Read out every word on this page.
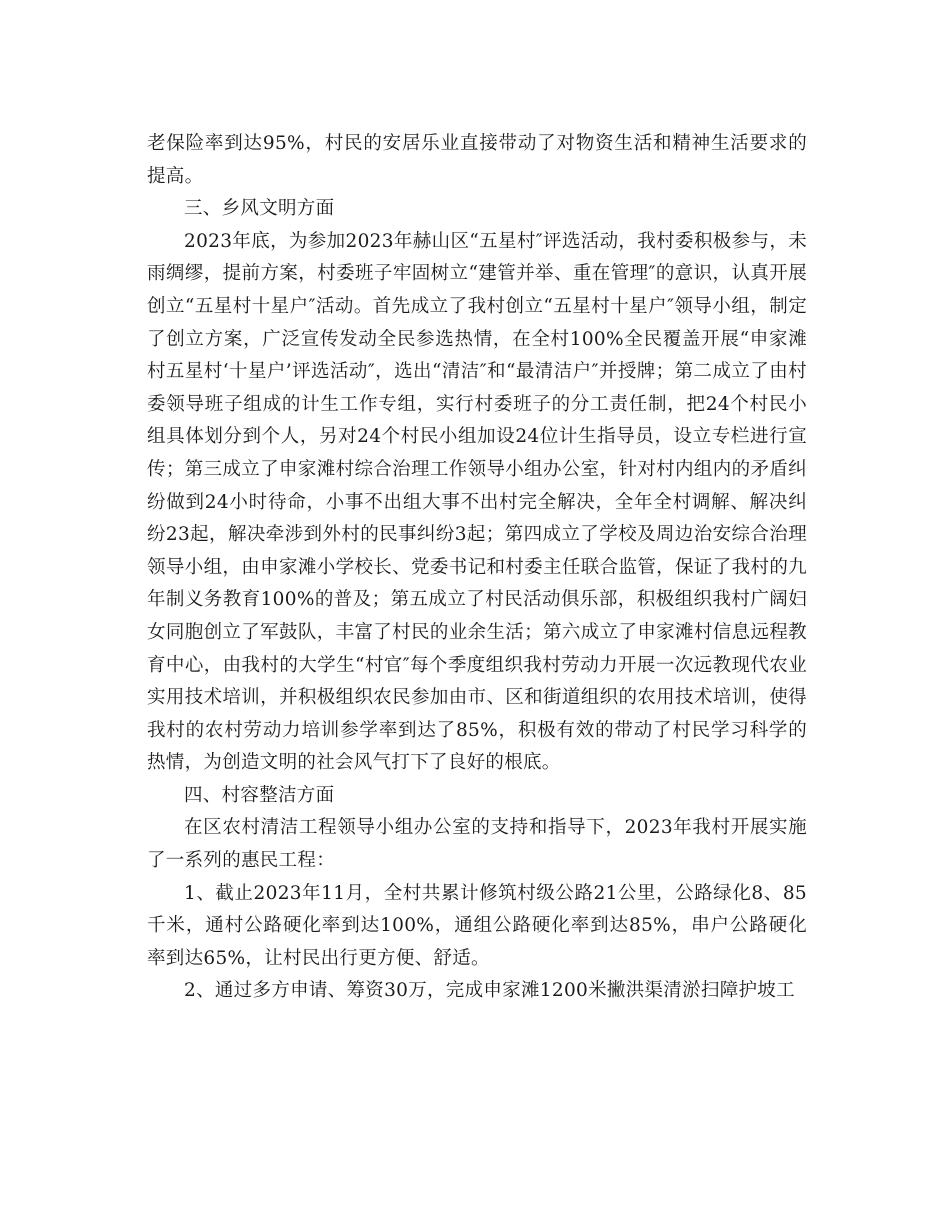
老保险率到达95%，村民的安居乐业直接带动了对物资生活和精神生活要求的提高。

三、乡风文明方面

2023年底，为参加2023年赫山区“五星村″评选活动，我村委积极参与，未雨绸缪，提前方案，村委班子牢固树立“建管并举、重在管理″的意识，认真开展创立“五星村十星户″活动。首先成立了我村创立“五星村十星户″领导小组，制定了创立方案，广泛宣传发动全民参选热情，在全村100%全民覆盖开展“申家滩村五星村‘十星户’评选活动″，选出“清洁″和“最清洁户″并授牌；第二成立了由村委领导班子组成的计生工作专组，实行村委班子的分工责任制，把24个村民小组具体划分到个人，另对24个村民小组加设24位计生指导员，设立专栏进行宣传；第三成立了申家滩村综合治理工作领导小组办公室，针对村内组内的矛盾纠纷做到24小时待命，小事不出组大事不出村完全解决，全年全村调解、解决纠纷23起，解决牵涉到外村的民事纠纷3起；第四成立了学校及周边治安综合治理领导小组，由申家滩小学校长、党委书记和村委主任联合监管，保证了我村的九年制义务教育100%的普及；第五成立了村民活动俱乐部，积极组织我村广阔妇女同胞创立了军鼓队，丰富了村民的业余生活；第六成立了申家滩村信息远程教育中心，由我村的大学生“村官″每个季度组织我村劳动力开展一次远教现代农业实用技术培训，并积极组织农民参加由市、区和街道组织的农用技术培训，使得我村的农村劳动力培训参学率到达了85%，积极有效的带动了村民学习科学的热情，为创造文明的社会风气打下了良好的根底。

四、村容整洁方面

在区农村清洁工程领导小组办公室的支持和指导下，2023年我村开展实施了一系列的惠民工程：

1、截止2023年11月，全村共累计修筑村级公路21公里，公路绿化8、85千米，通村公路硬化率到达100%，通组公路硬化率到达85%，串户公路硬化率到达65%，让村民出行更方便、舒适。

2、通过多方申请、筹资30万，完成申家滩1200米撇洪渠清淤扫障护坡工
